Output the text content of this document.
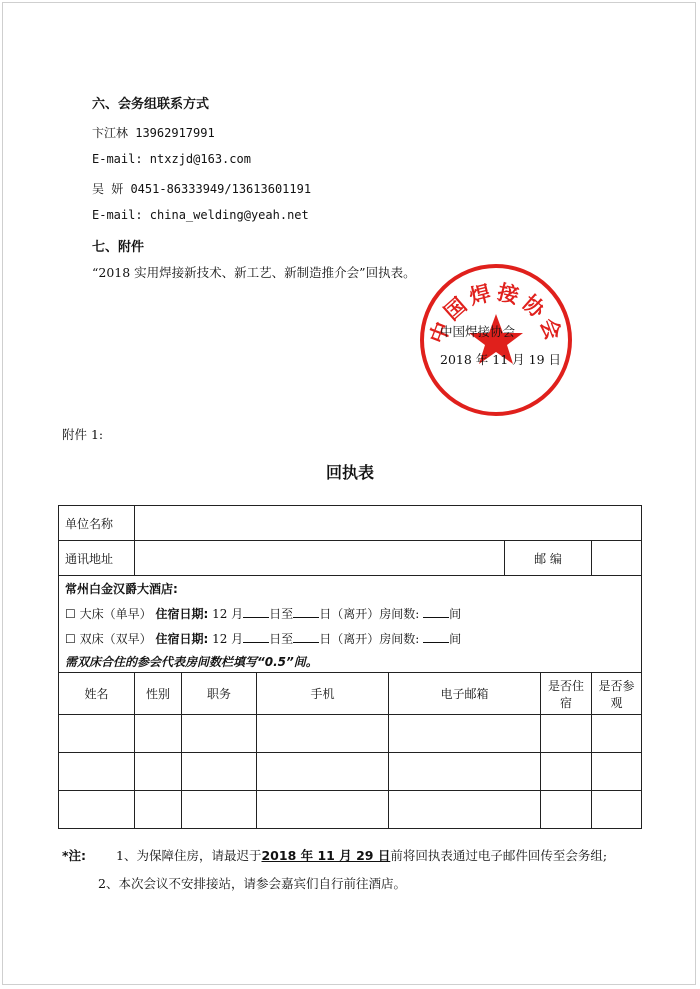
六、会务组联系方式
卞江林 13962917991
E-mail: ntxzjd@163.com
吴 妍 0451-86333949/13613601191
E-mail: china_welding@yeah.net
七、附件
“2018 实用焊接新技术、新工艺、新制造推介会”回执表。
中国焊接协会
中国焊接协会
2018 年 11 月 19 日
附件 1:
回执表
单位名称							
通讯地址					邮 编		
常州白金汉爵大酒店:							
☐ 大床（单早） 住宿日期: 12 月 日至 日（离开）房间数: 间							
☐ 双床（双早） 住宿日期: 12 月 日至 日（离开）房间数: 间							
需双床合住的参会代表房间数栏填写“0.5”间。							
姓名	性别	职务	手机	电子邮箱		是否住宿	是否参观

*注: 1、为保障住房，请最迟于2018 年 11 月 29 日前将回执表通过电子邮件回传至会务组;
2、本次会议不安排接站，请参会嘉宾们自行前往酒店。
